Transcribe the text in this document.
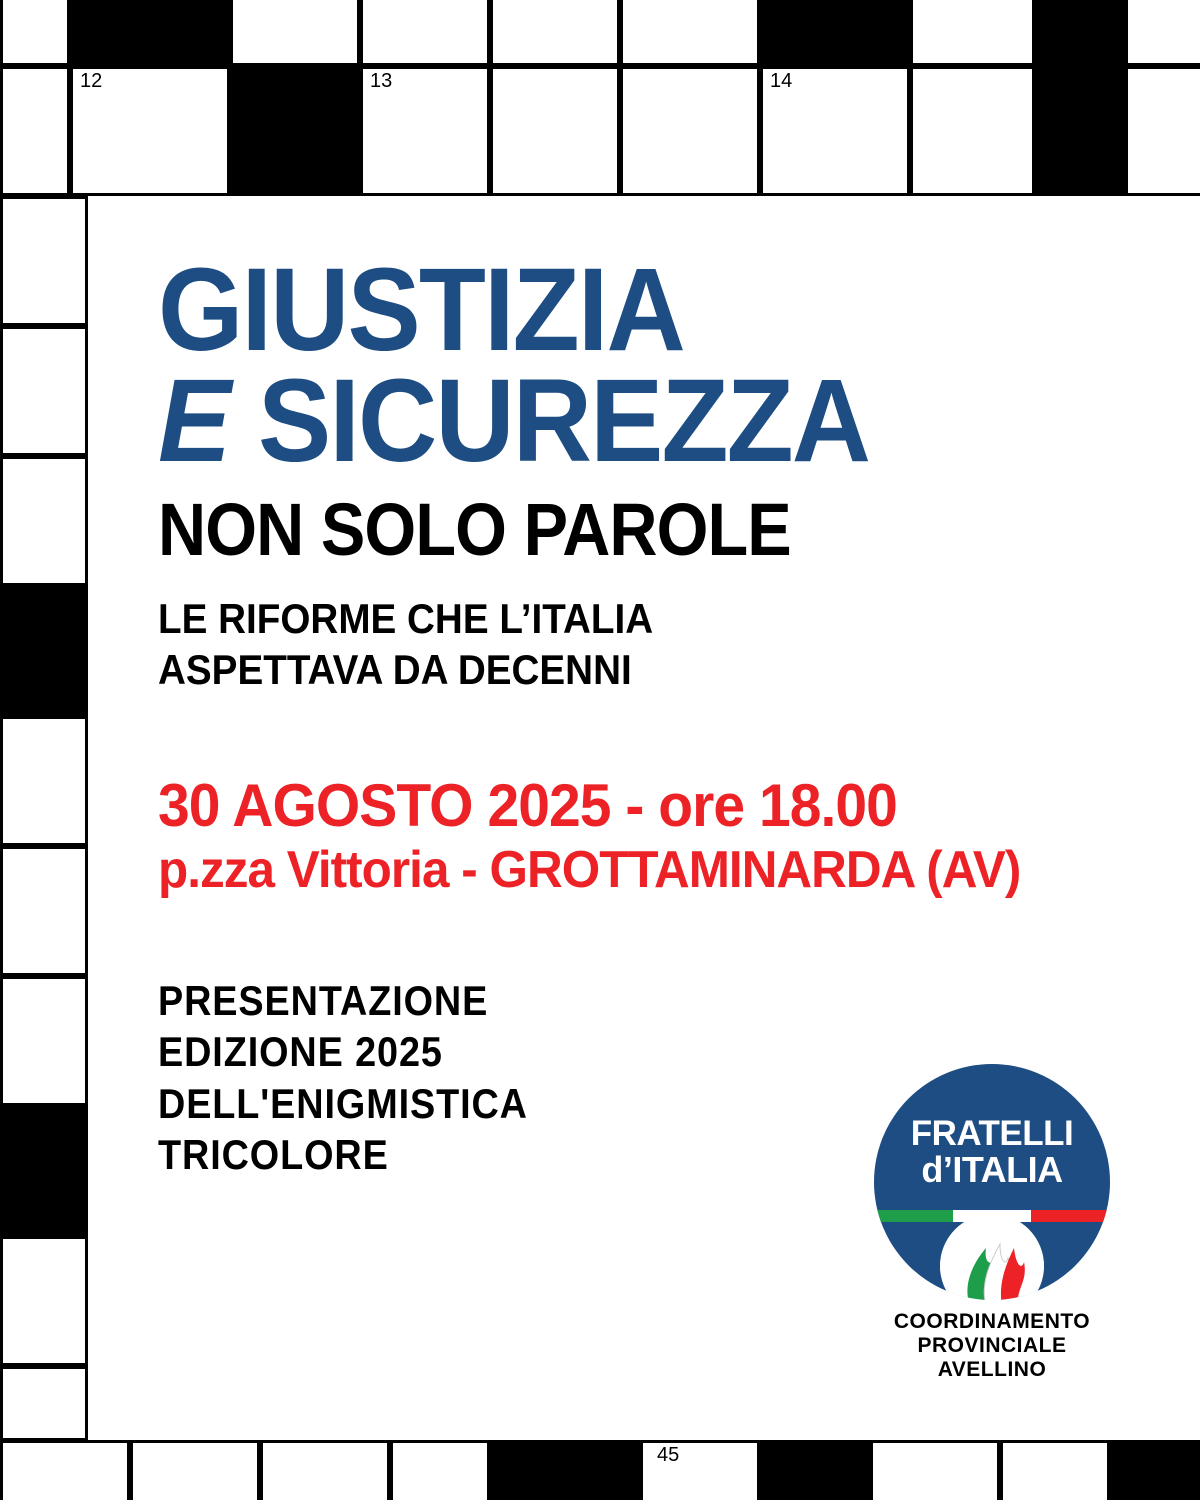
12	13	14
45
GIUSTIZIA
E SICUREZZA
NON SOLO PAROLE
LE RIFORME CHE L’ITALIA
ASPETTAVA DA DECENNI
30 AGOSTO 2025 - ore 18.00
p.zza Vittoria - GROTTAMINARDA (AV)
PRESENTAZIONE
EDIZIONE 2025
DELL'ENIGMISTICA
TRICOLORE	FRATELLI
d’ITALIA
COORDINAMENTO PROVINCIALE
AVELLINO
